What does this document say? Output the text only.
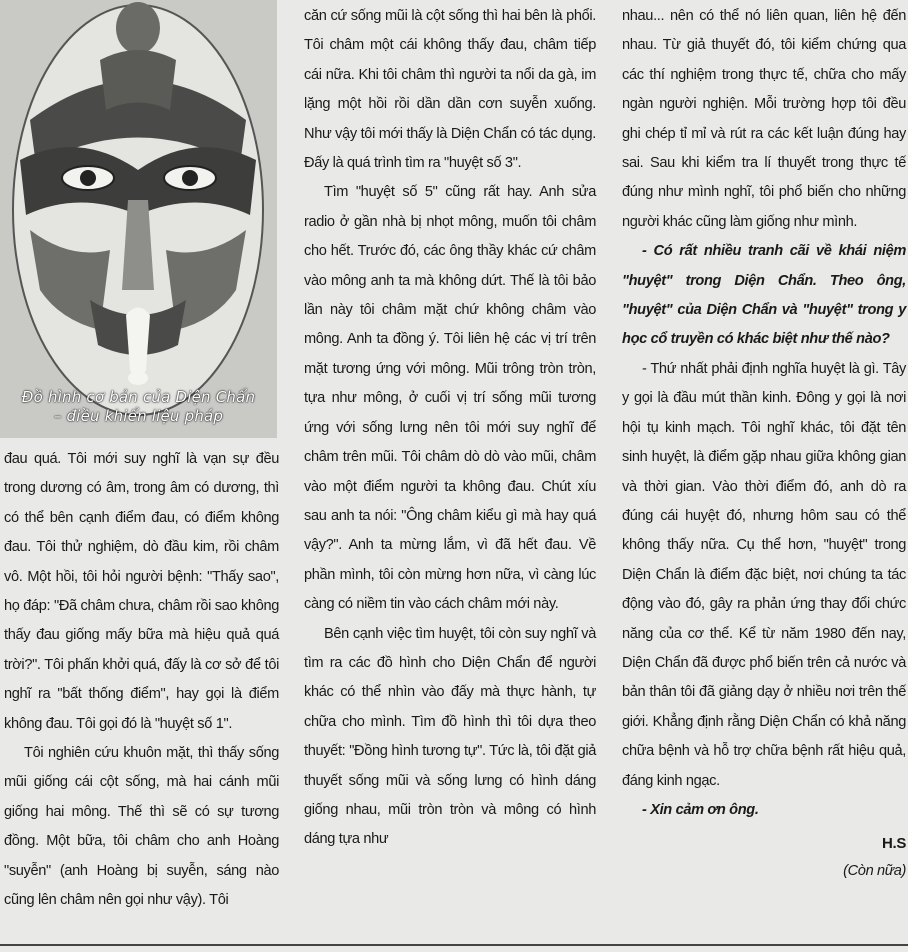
Đồ hình cơ bản của Diện Chẩn
– điều khiển liệu pháp

đau quá. Tôi mới suy nghĩ là vạn sự đều trong dương có âm, trong âm có dương, thì có thể bên cạnh điểm đau, có điểm không đau. Tôi thử nghiệm, dò đầu kim, rồi châm vô. Một hồi, tôi hỏi người bệnh: "Thấy sao", họ đáp: "Đã châm chưa, châm rồi sao không thấy đau giống mấy bữa mà hiệu quả quá trời?". Tôi phấn khởi quá, đấy là cơ sở để tôi nghĩ ra "bất thống điểm", hay gọi là điểm không đau. Tôi gọi đó là "huyệt số 1".

Tôi nghiên cứu khuôn mặt, thì thấy sống mũi giống cái cột sống, mà hai cánh mũi giống hai mông. Thế thì sẽ có sự tương đồng. Một bữa, tôi châm cho anh Hoàng "suyễn" (anh Hoàng bị suyễn, sáng nào cũng lên châm nên gọi như vậy). Tôi

căn cứ sống mũi là cột sống thì hai bên là phổi. Tôi châm một cái không thấy đau, châm tiếp cái nữa. Khi tôi châm thì người ta nổi da gà, im lặng một hồi rồi dần dần cơn suyễn xuống. Như vậy tôi mới thấy là Diện Chẩn có tác dụng. Đấy là quá trình tìm ra "huyệt số 3".

Tìm "huyệt số 5" cũng rất hay. Anh sửa radio ở gần nhà bị nhọt mông, muốn tôi châm cho hết. Trước đó, các ông thầy khác cứ châm vào mông anh ta mà không dứt. Thế là tôi bảo lần này tôi châm mặt chứ không châm vào mông. Anh ta đồng ý. Tôi liên hệ các vị trí trên mặt tương ứng với mông. Mũi trông tròn tròn, tựa như mông, ở cuối vị trí sống mũi tương ứng với sống lưng nên tôi mới suy nghĩ để châm trên mũi. Tôi châm dò dò vào mũi, châm vào một điểm người ta không đau. Chút xíu sau anh ta nói: "Ông châm kiểu gì mà hay quá vậy?". Anh ta mừng lắm, vì đã hết đau. Về phần mình, tôi còn mừng hơn nữa, vì càng lúc càng có niềm tin vào cách châm mới này.

Bên cạnh việc tìm huyệt, tôi còn suy nghĩ và tìm ra các đồ hình cho Diện Chẩn để người khác có thể nhìn vào đấy mà thực hành, tự chữa cho mình. Tìm đồ hình thì tôi dựa theo thuyết: "Đồng hình tương tự". Tức là, tôi đặt giả thuyết sống mũi và sống lưng có hình dáng giống nhau, mũi tròn tròn và mông có hình dáng tựa như

nhau... nên có thể nó liên quan, liên hệ đến nhau. Từ giả thuyết đó, tôi kiểm chứng qua các thí nghiệm trong thực tế, chữa cho mấy ngàn người nghiện. Mỗi trường hợp tôi đều ghi chép tỉ mỉ và rút ra các kết luận đúng hay sai. Sau khi kiểm tra lí thuyết trong thực tế đúng như mình nghĩ, tôi phổ biến cho những người khác cũng làm giống như mình.

- Có rất nhiều tranh cãi về khái niệm "huyệt" trong Diện Chẩn. Theo ông, "huyệt" của Diện Chẩn và "huyệt" trong y học cổ truyền có khác biệt như thế nào?

- Thứ nhất phải định nghĩa huyệt là gì. Tây y gọi là đầu mút thần kinh. Đông y gọi là nơi hội tụ kinh mạch. Tôi nghĩ khác, tôi đặt tên sinh huyệt, là điểm gặp nhau giữa không gian và thời gian. Vào thời điểm đó, anh dò ra đúng cái huyệt đó, nhưng hôm sau có thể không thấy nữa. Cụ thể hơn, "huyệt" trong Diện Chẩn là điểm đặc biệt, nơi chúng ta tác động vào đó, gây ra phản ứng thay đổi chức năng của cơ thể. Kể từ năm 1980 đến nay, Diện Chẩn đã được phổ biến trên cả nước và bản thân tôi đã giảng dạy ở nhiều nơi trên thế giới. Khẳng định rằng Diện Chẩn có khả năng chữa bệnh và hỗ trợ chữa bệnh rất hiệu quả, đáng kinh ngạc.

- Xin cảm ơn ông.

H.S
(Còn nữa)
